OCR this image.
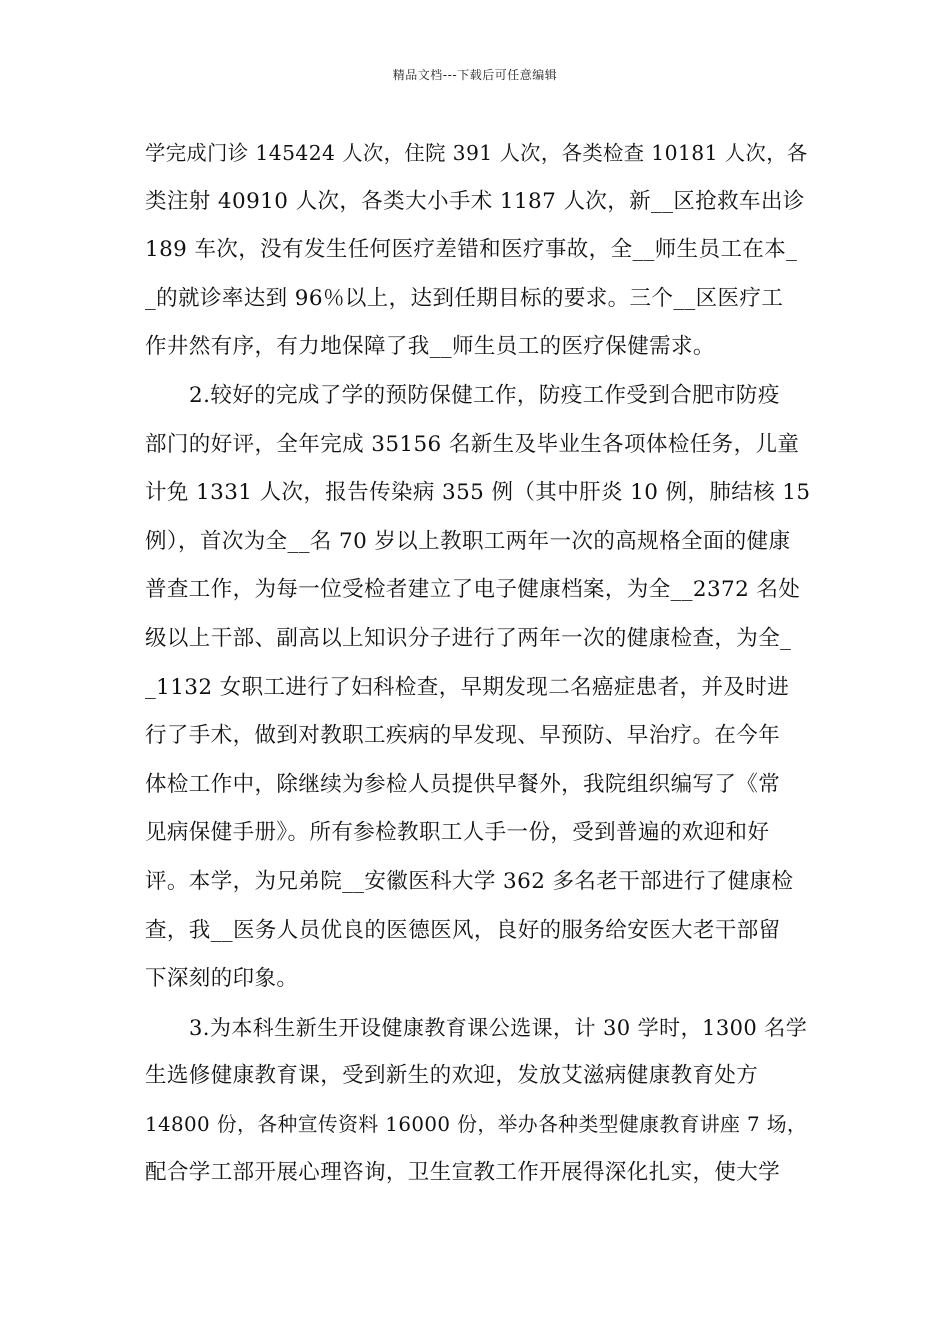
精品文档---下载后可任意编辑
学完成门诊 145424 人次，住院 391 人次，各类检查 10181 人次，各
类注射 40910 人次，各类大小手术 1187 人次，新__区抢救车出诊
189 车次，没有发生任何医疗差错和医疗事故，全__师生员工在本_
_的就诊率达到 96％以上，达到任期目标的要求。三个__区医疗工
作井然有序，有力地保障了我__师生员工的医疗保健需求。
2.较好的完成了学的预防保健工作，防疫工作受到合肥市防疫
部门的好评，全年完成 35156 名新生及毕业生各项体检任务，儿童
计免 1331 人次，报告传染病 355 例（其中肝炎 10 例，肺结核 15
例），首次为全__名 70 岁以上教职工两年一次的高规格全面的健康
普查工作，为每一位受检者建立了电子健康档案，为全__2372 名处
级以上干部、副高以上知识分子进行了两年一次的健康检查，为全_
_1132 女职工进行了妇科检查，早期发现二名癌症患者，并及时进
行了手术，做到对教职工疾病的早发现、早预防、早治疗。在今年
体检工作中，除继续为参检人员提供早餐外，我院组织编写了《常
见病保健手册》。所有参检教职工人手一份，受到普遍的欢迎和好
评。本学，为兄弟院__安徽医科大学 362 多名老干部进行了健康检
查，我__医务人员优良的医德医风，良好的服务给安医大老干部留
下深刻的印象。
3.为本科生新生开设健康教育课公选课，计 30 学时，1300 名学
生选修健康教育课，受到新生的欢迎，发放艾滋病健康教育处方
14800 份，各种宣传资料 16000 份，举办各种类型健康教育讲座 7 场，
配合学工部开展心理咨询，卫生宣教工作开展得深化扎实，使大学
